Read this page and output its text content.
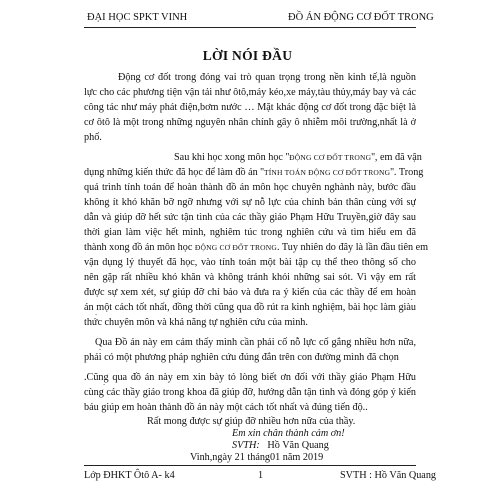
ĐẠI HỌC SPKT VINH	ĐỒ ÁN ĐỘNG CƠ ĐỐT TRONG
LỜI NÓI ĐẦU
Động cơ đốt trong đóng vai trò quan trọng trong nền kinh tế,là nguồn
lực cho các phương tiện vận tải như ôtô,máy kéo,xe máy,tàu thủy,máy bay và các
công tác như máy phát điện,bơm nước … Mặt khác động cơ đốt trong đặc biệt là
cơ ôtô là một trong những nguyên nhân chính gây ô nhiễm môi trường,nhất là ở
phố.
Sau khi học xong môn học ''ĐỘNG CƠ ĐỐT TRONG'', em đã vận
dụng những kiến thức đã học để làm đồ án ''TÍNH TOÁN ĐỘNG CƠ ĐỐT TRONG''. Trong
quá trình tính toán để hoàn thành đồ án môn học chuyên nghành này, bước đầu
không ít khó khăn bỡ ngỡ nhưng với sự nỗ lực của chính bản thân cùng với sự
dẫn và giúp đỡ hết sức tận tình của các thầy giáo Phạm Hữu Truyền,giờ đây sau
thời gian làm việc hết mình, nghiêm túc trong nghiên cứu và tìm hiểu em đã
thành xong đồ án môn học ĐỘNG CƠ ĐỐT TRONG. Tuy nhiên do đây là lần đầu tiên em
vận dụng lý thuyết đã học, vào tính toán một bài tập cụ thể theo thông số cho
nên gặp rất nhiều khó khăn và không tránh khỏi những sai sót. Vì vậy em rất
được sự xem xét, sự giúp đỡ chỉ bảo và đưa ra ý kiến của các thầy để em hoàn
án một cách tốt nhất, đồng thời cũng qua đồ rút ra kinh nghiệm, bài học làm giàu
thức chuyên môn và khả năng tự nghiên cứu của mình.
Qua Đồ án này em cảm thấy mình cần phải cố nỗ lực cố gắng nhiều hơn nữa,
phải có một phương pháp nghiên cứu đúng đắn trên con đường mình đã chọn
.Cũng qua đồ án này em xin bày tỏ lòng biết ơn đối với thầy giáo Phạm Hữu
cùng các thầy giáo trong khoa đã giúp đỡ, hướng dẫn tận tình và đóng góp ý kiến
báu giúp em hoàn thành đồ án này một cách tốt nhất và đúng tiến độ..
Rất mong được sự giúp đỡ nhiều hơn nữa của thầy.
Em xin chân thành cảm ơn!
SVTH: Hồ Văn Quang
Lớp ĐHKT Ôtô A- k4	1	SVTH : Hồ Văn Quang
Vinh,ngày 21 tháng01 năm 2019
